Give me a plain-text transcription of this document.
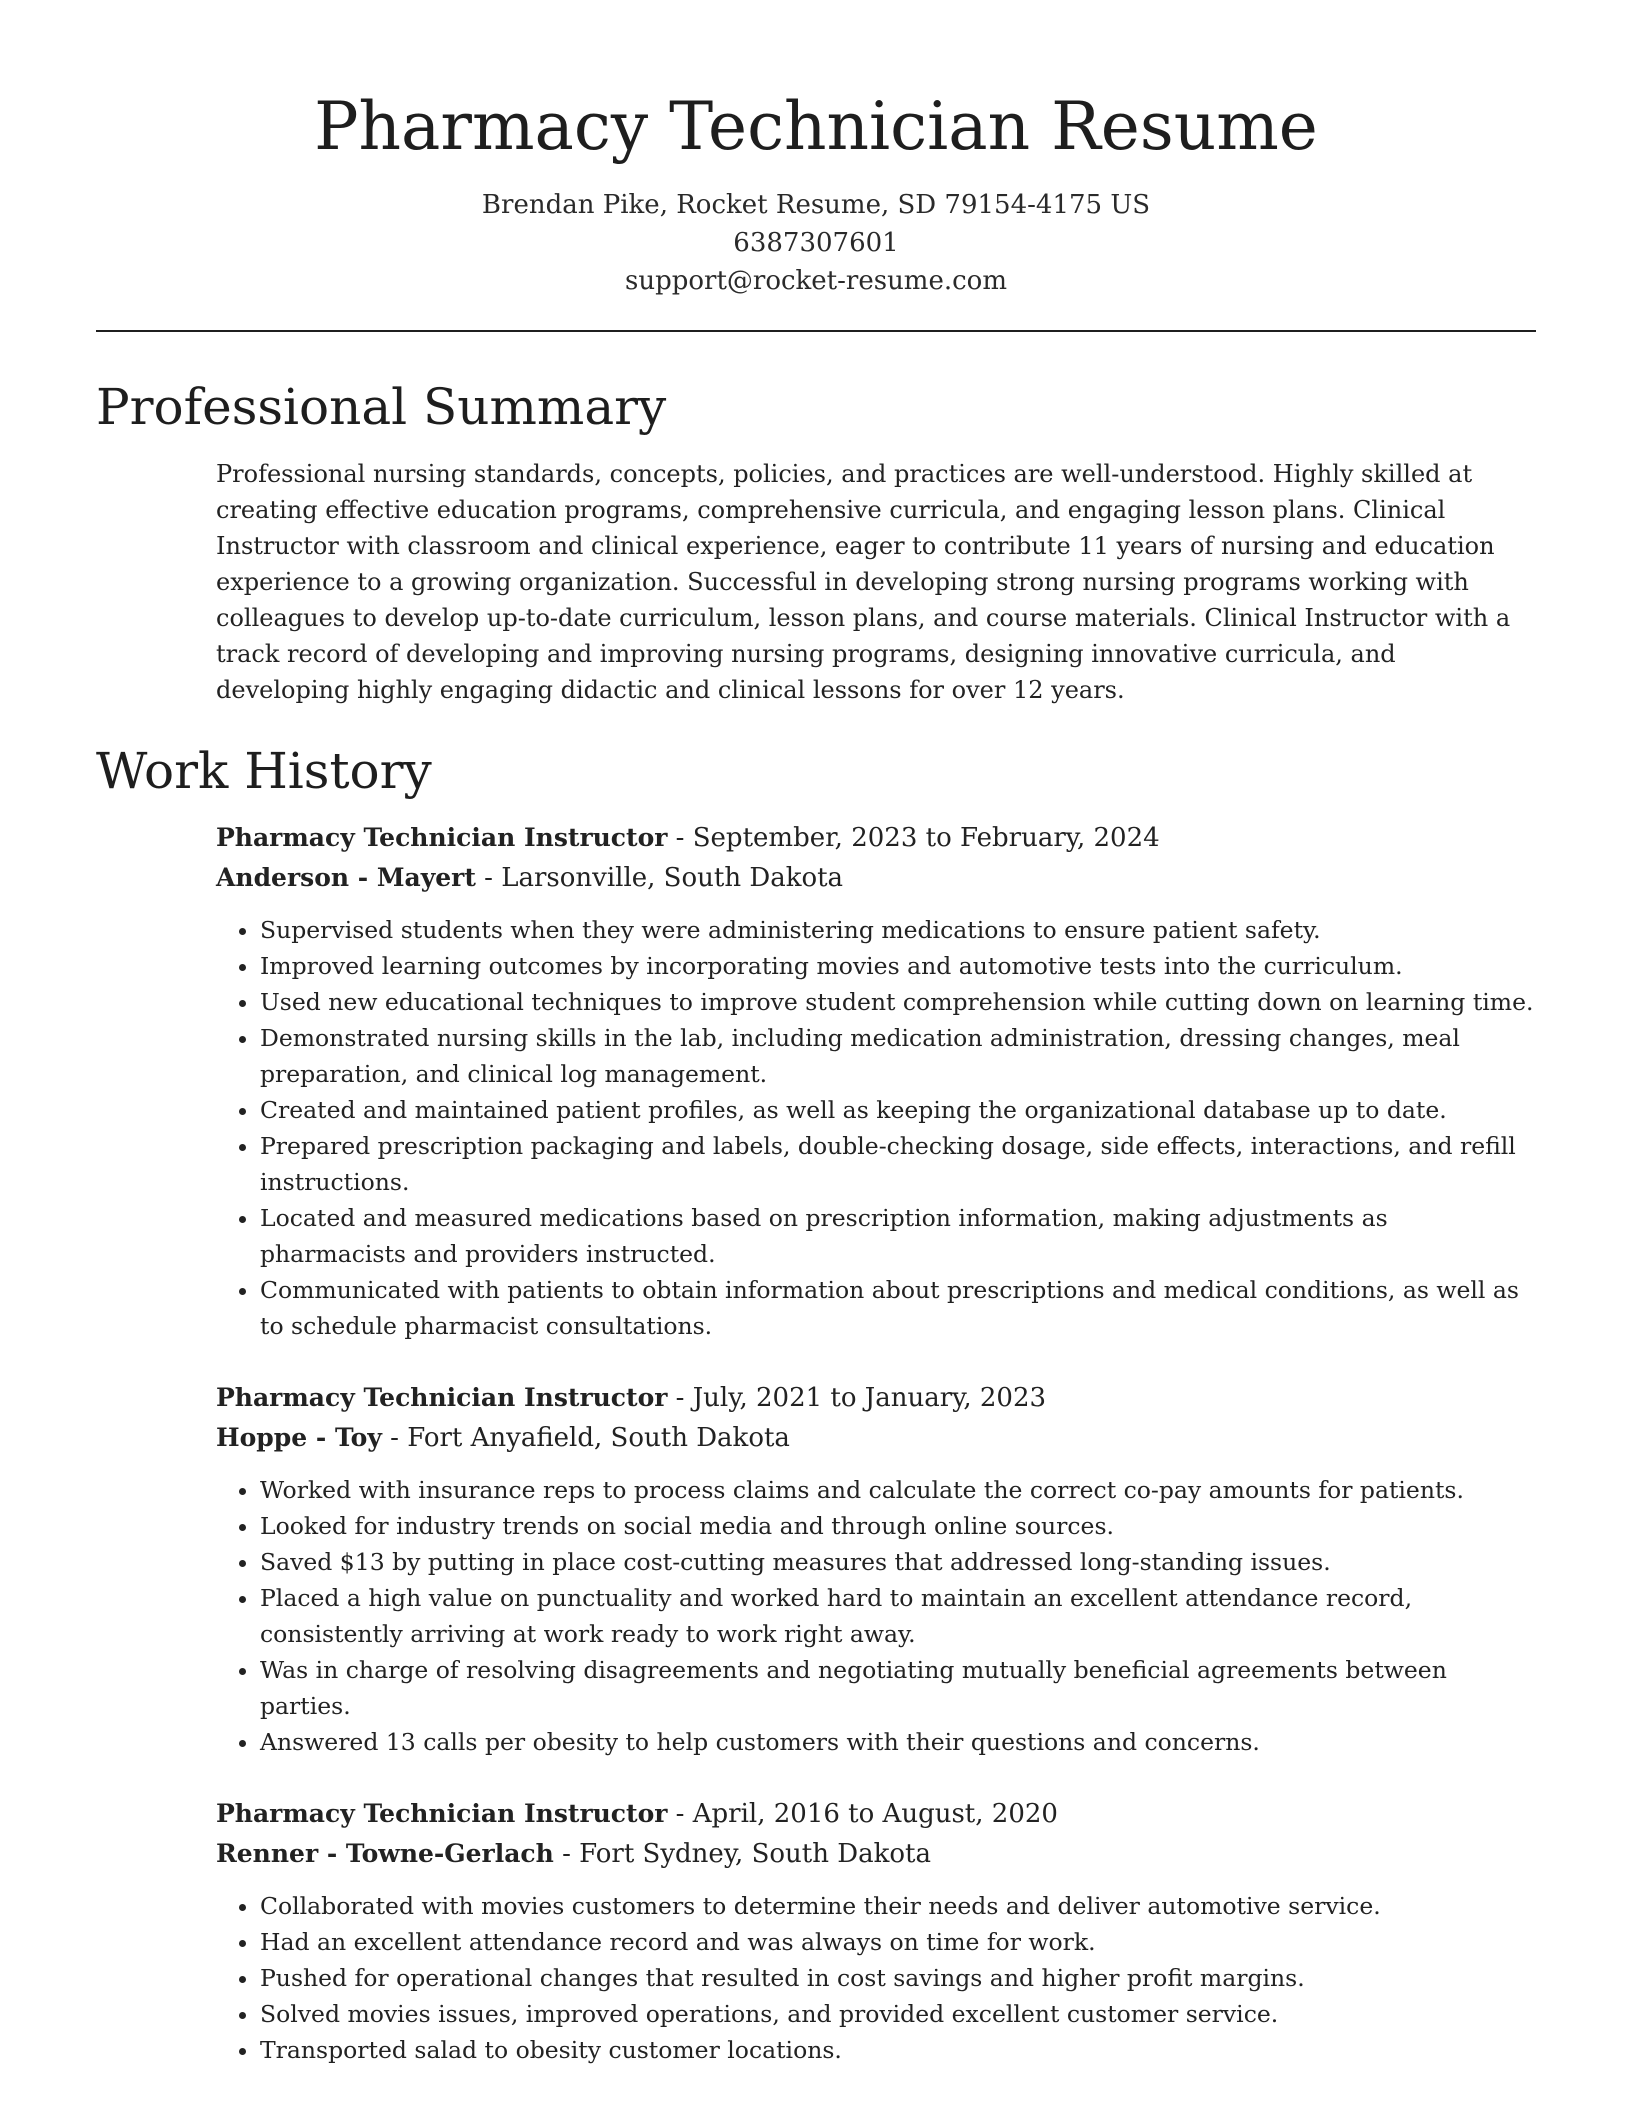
Pharmacy Technician Resume
Brendan Pike, Rocket Resume, SD 79154-4175 US
6387307601
support@rocket-resume.com
Professional Summary

Professional nursing standards, concepts, policies, and practices are well-understood. Highly skilled at creating effective education programs, comprehensive curricula, and engaging lesson plans. Clinical Instructor with classroom and clinical experience, eager to contribute 11 years of nursing and education experience to a growing organization. Successful in developing strong nursing programs working with colleagues to develop up-to-date curriculum, lesson plans, and course materials. Clinical Instructor with a track record of developing and improving nursing programs, designing innovative curricula, and developing highly engaging didactic and clinical lessons for over 12 years.

Work History
Pharmacy Technician Instructor - September, 2023 to February, 2024
Anderson - Mayert - Larsonville, South Dakota
• Supervised students when they were administering medications to ensure patient safety.
• Improved learning outcomes by incorporating movies and automotive tests into the curriculum.
• Used new educational techniques to improve student comprehension while cutting down on learning time.
• Demonstrated nursing skills in the lab, including medication administration, dressing changes, meal preparation, and clinical log management.
• Created and maintained patient profiles, as well as keeping the organizational database up to date.
• Prepared prescription packaging and labels, double-checking dosage, side effects, interactions, and refill instructions.
• Located and measured medications based on prescription information, making adjustments as pharmacists and providers instructed.
• Communicated with patients to obtain information about prescriptions and medical conditions, as well as to schedule pharmacist consultations.
Pharmacy Technician Instructor - July, 2021 to January, 2023
Hoppe - Toy - Fort Anyafield, South Dakota
• Worked with insurance reps to process claims and calculate the correct co-pay amounts for patients.
• Looked for industry trends on social media and through online sources.
• Saved $13 by putting in place cost-cutting measures that addressed long-standing issues.
• Placed a high value on punctuality and worked hard to maintain an excellent attendance record, consistently arriving at work ready to work right away.
• Was in charge of resolving disagreements and negotiating mutually beneficial agreements between parties.
• Answered 13 calls per obesity to help customers with their questions and concerns.
Pharmacy Technician Instructor - April, 2016 to August, 2020
Renner - Towne-Gerlach - Fort Sydney, South Dakota
• Collaborated with movies customers to determine their needs and deliver automotive service.
• Had an excellent attendance record and was always on time for work.
• Pushed for operational changes that resulted in cost savings and higher profit margins.
• Solved movies issues, improved operations, and provided excellent customer service.
• Transported salad to obesity customer locations.
